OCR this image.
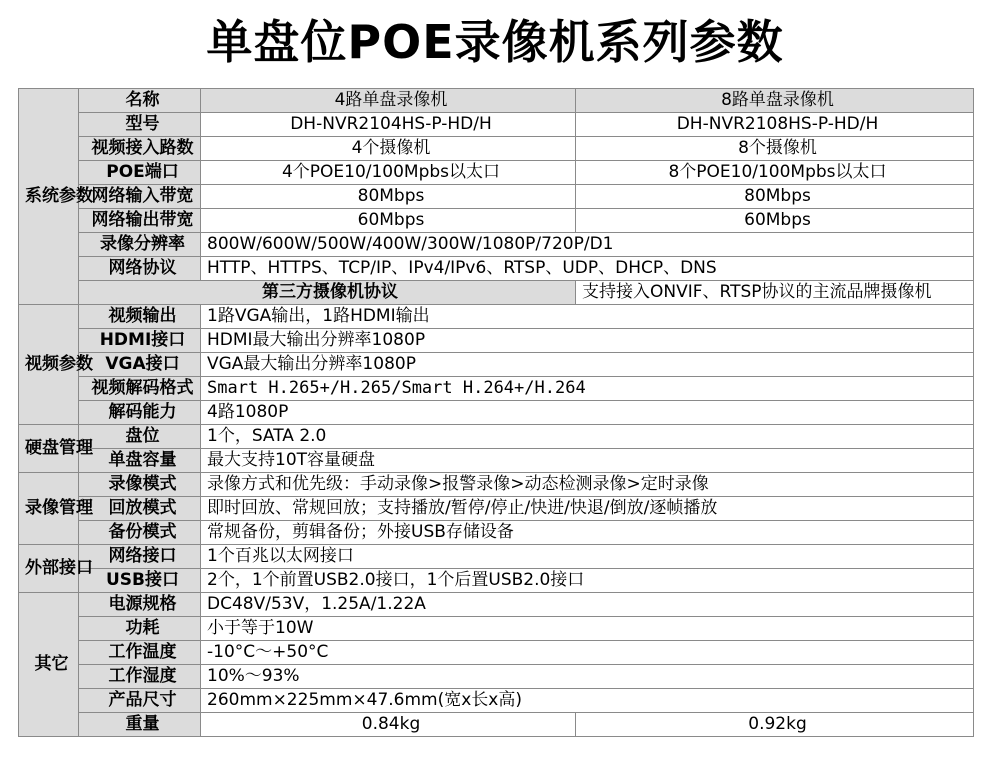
单盘位POE录像机系列参数
系统参数	名称	4路单盘录像机	8路单盘录像机
	型号	DH-NVR2104HS-P-HD/H	DH-NVR2108HS-P-HD/H
	视频接入路数	4个摄像机	8个摄像机
	POE端口	4个POE10/100Mpbs以太口	8个POE10/100Mpbs以太口
	网络输入带宽	80Mbps	80Mbps
	网络输出带宽	60Mbps	60Mbps
	录像分辨率	800W/600W/500W/400W/300W/1080P/720P/D1	
	网络协议	HTTP、HTTPS、TCP/IP、IPv4/IPv6、RTSP、UDP、DHCP、DNS	
	第三方摄像机协议		支持接入ONVIF、RTSP协议的主流品牌摄像机
视频参数	视频输出	1路VGA输出，1路HDMI输出	
	HDMI接口	HDMI最大输出分辨率1080P	
	VGA接口	VGA最大输出分辨率1080P	
	视频解码格式	Smart H.265+/H.265/Smart H.264+/H.264	
	解码能力	4路1080P	
硬盘管理	盘位	1个，SATA 2.0	
	单盘容量	最大支持10T容量硬盘	
录像管理	录像模式	录像方式和优先级：手动录像>报警录像>动态检测录像>定时录像	
	回放模式	即时回放、常规回放；支持播放/暂停/停止/快进/快退/倒放/逐帧播放	
	备份模式	常规备份，剪辑备份；外接USB存储设备	
外部接口	网络接口	1个百兆以太网接口	
	USB接口	2个，1个前置USB2.0接口，1个后置USB2.0接口	
其它	电源规格	DC48V/53V，1.25A/1.22A	
	功耗	小于等于10W	
	工作温度	-10°C～+50°C	
	工作湿度	10%～93%	
	产品尺寸	260mm×225mm×47.6mm(宽x长x高)	
	重量	0.84kg	0.92kg
